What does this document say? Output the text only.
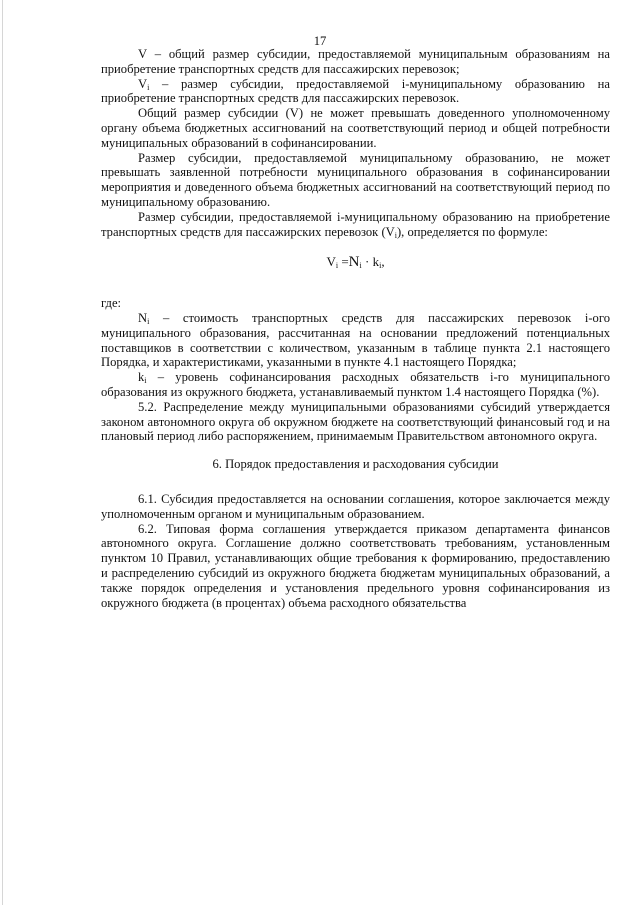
17

V – общий размер субсидии, предоставляемой муниципальным образованиям на приобретение транспортных средств для пассажирских перевозок;

$V_i$ – размер субсидии, предоставляемой i-муниципальному образованию на приобретение транспортных средств для пассажирских перевозок.

Общий размер субсидии (V) не может превышать доведенного уполномоченному органу объема бюджетных ассигнований на соответствующий период и общей потребности муниципальных образований в софинансировании.

Размер субсидии, предоставляемой муниципальному образованию, не может превышать заявленной потребности муниципального образования в софинансировании мероприятия и доведенного объема бюджетных ассигнований на соответствующий период по муниципальному образованию.

Размер субсидии, предоставляемой i-муниципальному образованию на приобретение транспортных средств для пассажирских перевозок $(V_i)$, определяется по формуле:

$V_i =N_i \cdot k_i$,

где:

$N_i$ – стоимость транспортных средств для пассажирских перевозок i-ого муниципального образования, рассчитанная на основании предложений потенциальных поставщиков в соответствии с количеством, указанным в таблице пункта 2.1 настоящего Порядка, и характеристиками, указанными в пункте 4.1 настоящего Порядка;

$k_i$ – уровень софинансирования расходных обязательств i-го муниципального образования из окружного бюджета, устанавливаемый пунктом 1.4 настоящего Порядка (%).

5.2. Распределение между муниципальными образованиями субсидий утверждается законом автономного округа об окружном бюджете на соответствующий финансовый год и на плановый период либо распоряжением, принимаемым Правительством автономного округа.

6. Порядок предоставления и расходования субсидии

6.1. Субсидия предоставляется на основании соглашения, которое заключается между уполномоченным органом и муниципальным образованием.

6.2. Типовая форма соглашения утверждается приказом департамента финансов автономного округа. Соглашение должно соответствовать требованиям, установленным пунктом 10 Правил, устанавливающих общие требования к формированию, предоставлению и распределению субсидий из окружного бюджета бюджетам муниципальных образований, а также порядок определения и установления предельного уровня софинансирования из окружного бюджета (в процентах) объема расходного обязательства
